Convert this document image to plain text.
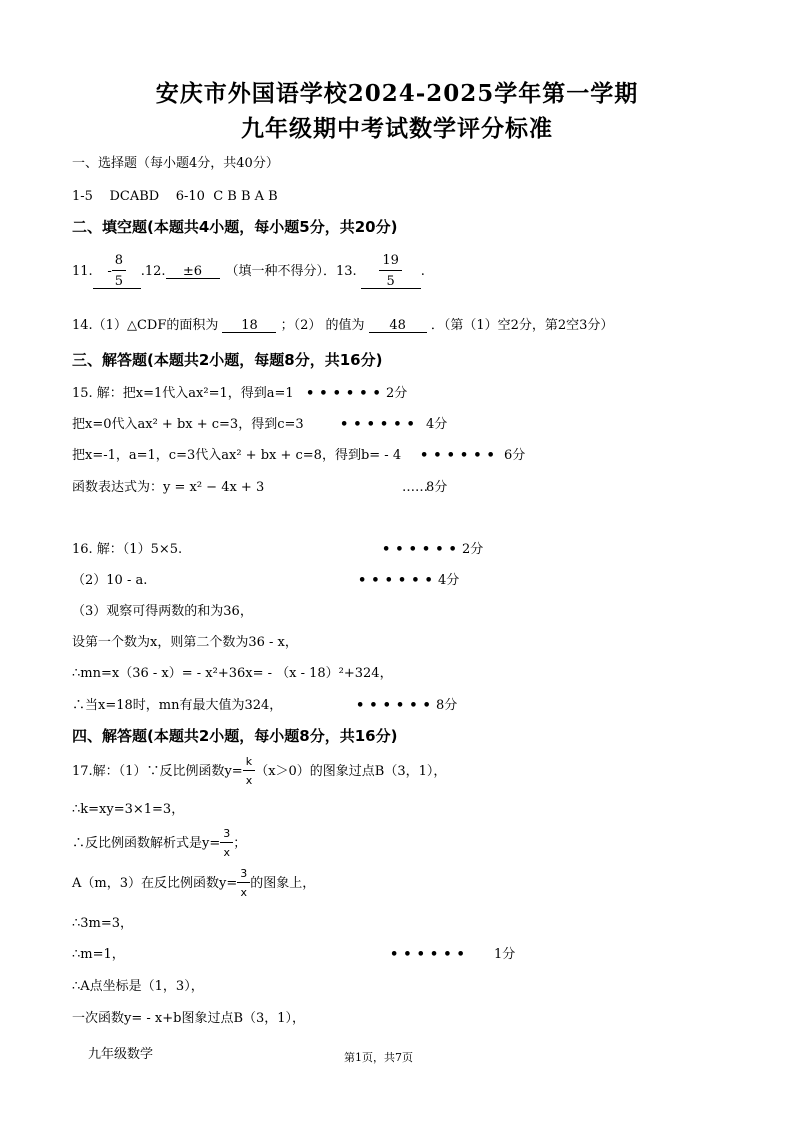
安庆市外国语学校2024-2025学年第一学期
九年级期中考试数学评分标准
一、选择题（每小题4分，共40分）
1-5    DCABD    6-10  C B B A B
二、填空题(本题共4小题，每小题5分，共20分)
11. - $\frac{8}{5} .12$.	±6	（填一种不得分）．13. $\frac{19}{5}$ .
14.（1）△CDF的面积为 18 ；（2） 的值为 48 ．（第（1）空2分，第2空3分）
三、解答题(本题共2小题，每题8分，共16分)
15. 解：把x=1代入ax²=1，得到a=1 •••••• 2分
把x=0代入ax² + bx + c=3，得到c=3	•••••• 4分
把x=-1，a=1，c=3代入ax² + bx + c=8，得到b= - 4 •••••• 6分
函数表达式为：y = x² − 4x + 3	……
8分
16. 解：（1）5×5.	•••••• 2分
（2）10 - a.	•••••• 4分
（3）观察可得两数的和为36，
设第一个数为x，则第二个数为36 - x，
∴mn=x（36 - x）= - x²+36x= - （x - 18）²+324，
∴当x=18时，mn有最大值为324，	•••••• 8分
四、解答题(本题共2小题，每小题8分，共16分)
17.解：（1）∵反比例函数$y= \frac{k}{x} (x>0)$的图象过点B（3，1），
∴k=xy=3×1=3，
∴反比例函数解析式是$y= \frac{3}{x}$ ；
A（m，3）在反比例函数$y= \frac{3}{x}$ 的图象上，
∴3m=3，
∴m=1，	•••••• 1分
∴A点坐标是（1，3），
一次函数y= - x+b图象过点B（3，1），
九年级数学	第1页，共7页
